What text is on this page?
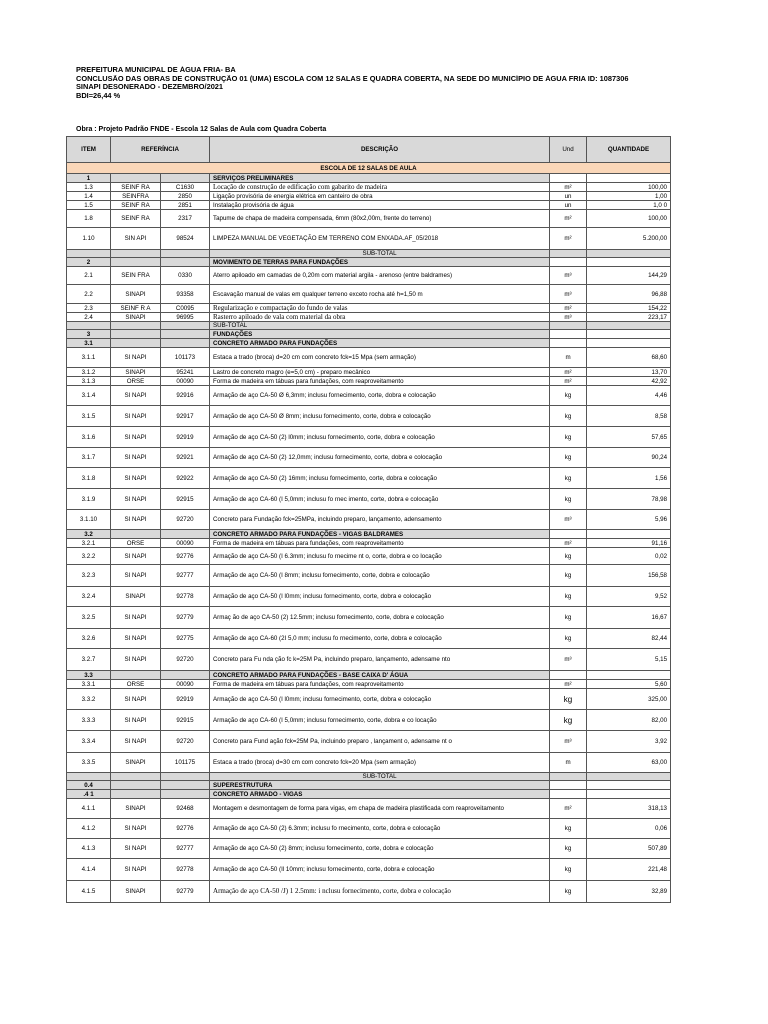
PREFEITURA MUNICIPAL DE ÁGUA FRIA- BA
CONCLUSÃO DAS OBRAS DE CONSTRUÇÃO 01 (UMA) ESCOLA COM 12 SALAS E QUADRA COBERTA, NA SEDE DO MUNICÍPIO DE ÁGUA FRIA ID: 1087306
SINAPI DESONERADO - DEZEMBRO/2021
BDI=26,44 %
Obra : Projeto Padrão FNDE - Escola 12 Salas de Aula com Quadra Coberta
ITEM	REFERÍNCIA		DESCRIÇÃO	Und	QUANTIDADE
ESCOLA DE 12 SALAS DE AULA					
1			SERVIÇOS PRELIMINARES		
1.3	SEINF RA	C1630	Locação de construção de edificação com gabarito de madeira	m²	100,00
1.4	SEINFRA	2850	Ligação provisória de energia elétrica em canteiro de obra	un	1,00
1.5	SEINF RA	2851	Instalação provisória de água	un	1,0 0
1.8	SEINF RA	2317	Tapume de chapa de madeira compensada, 6mm (80x2,00m, frente do terreno)	m²	100,00
1.10	SIN API	98524	LIMPEZA MANUAL DE VEGETAÇÃO EM TERRENO COM ENXADA.AF_05/2018	m²	5.200,00
			SUB-TOTAL		
2			MOVIMENTO DE TERRAS PARA FUNDAÇÕES		
2.1	SEIN FRA	0330	Aterro apiloado em camadas de 0,20m com material argila - arenoso (entre baldrames)	m³	144,29
2.2	SINAPI	93358	Escavação manual de valas em qualquer terreno exceto rocha até h=1,50 m	m³	96,88
2.3	SEINF R A	C0095	Regularização e compactação do fundo de valas	m²	154,22
2.4	SINAPI	96995	Rasterro apiloado de vala com material da obra	m³	223,17
			SUB-TOTAL		
3			FUNDAÇÕES		
3.1			CONCRETO ARMADO PARA FUNDAÇÕES		
3.1.1	SI NAPI	101173	Estaca a trado (broca) d=20 cm com concreto fck=15 Mpa (sem armação)	m	68,60
3.1.2	SINAPI	95241	Lastro de concreto magro (e=5,0 cm) - preparo mecânico	m²	13,70
3.1.3	ORSE	00090	Forma de madeira em tábuas para fundações, com reaproveitamento	m²	42,92
3.1.4	SI NAPI	92916	Armação de aço CA-50 Ø 6,3mm; inclusu fornecimento, corte, dobra e colocação	kg	4,46
3.1.5	SI NAPI	92917	Armação de aço CA-50 Ø 8mm; inclusu fornecimento, corte, dobra e colocação	kg	8,58
3.1.6	SI NAPI	92919	Armação de aço CA-50 (2) l0mm; inclusu fornecimento, corte, dobra e colocação	kg	57,65
3.1.7	SI NAPI	92921	Armação de aço CA-50 (2) 12,0mm; inclusu fornecimento, corte, dobra e colocação	kg	90,24
3.1.8	SI NAPI	92922	Armação de aço CA-50 (2) 16mm; inclusu fornecimento, corte, dobra e colocação	kg	1,56
3.1.9	SI NAPI	92915	Armação de aço CA-60 (I 5,0mm; inclusu fo rnec imento, corte, dobra e colocação	kg	78,98
3.1.10	SI NAPI	92720	Concreto para Fundação fck=25MPa, incluindo preparo, lançamento, adensamento	m³	5,96
3.2			CONCRETO ARMADO PARA FUNDAÇÕES - VIGAS BALDRAMES		
3.2.1	ORSE	00090	Forma de madeira em tábuas para fundações, com reaproveitamento	m²	91,16
3.2.2	SI NAPI	92776	Armação de aço CA-50 (I 6.3mm; inclusu fo rnecime nt o, corte, dobra e co locação	kg	0,02
3.2.3	SI NAPI	92777	Armação de aço CA-50 (I 8mm; inclusu fornecimento, corte, dobra e colocação	kg	156,58
3.2.4	SINAPI	92778	Armação de aço CA-50 (I l0mm; inclusu fornecimento, corte, dobra e colocação	kg	9,52
3.2.5	SI NAPI	92779	Armaç ão de aço CA-50 (2) 12.5mm; inclusu fornecimento, corte, dobra e colocação	kg	16,67
3.2.6	SI NAPI	92775	Armação de aço CA-60 (2I 5,0 mm; inclusu fo rnecimento, corte, dobra e colocação	kg	82,44
3.2.7	SI NAPI	92720	Concreto para Fu nda ção fc k=25M Pa, incluindo preparo, lançamento, adensame nto	m³	5,15
3.3			CONCRETO ARMADO PARA FUNDAÇÕES - BASE CAIXA D' ÁGUA		
3.3.1	ORSE	00090	Forma de madeira em tábuas para fundações, com reaproveitamento	m²	5,60
3.3.2	SI NAPI	92919	Armação de aço CA-50 (I l0mm; inclusu fornecimento, corte, dobra e colocação	kg	325,00
3.3.3	SI NAPI	92915	Armação de aço CA-60 (I 5,0mm; inclusu fornecimento, corte, dobra e co locação	kg	82,00
3.3.4	SI NAPI	92720	Concreto para Fund ação fck=25M Pa, incluindo preparo , lançament o, adensame nt o	m³	3,92
3.3.5	SINAPI	101175	Estaca a trado (broca) d=30 cm com concreto fck=20 Mpa (sem armação)	m	63,00
			SUB-TOTAL		
0.4			SUPERESTRUTURA		
.4 1			CONCRETO ARMADO - VIGAS		
4.1.1	SINAPI	92468	Montagem e desmontagem de forma para vigas, em chapa de madeira plastificada com reaproveitamento	m²	318,13
4.1.2	SI NAPI	92776	Armação de aço CA-50 (2) 6.3mm; inclusu fo rnecimento, corte, dobra e colocação	kg	0,06
4.1.3	SI NAPI	92777	Armação de aço CA-50 (2) 8mm; inclusu fornecimento, corte, dobra e colocação	kg	507,89
4.1.4	SI NAPI	92778	Armação de aço CA-50 (Il 10mm; inclusu fornecimento, corte, dobra e colocação	kg	221,48
4.1.5	SINAPI	92779	Armação de aço CA-50 /J) 1 2.5mm: i nclusu fornecimento, corte, dobra e colocação	kg	32,89
